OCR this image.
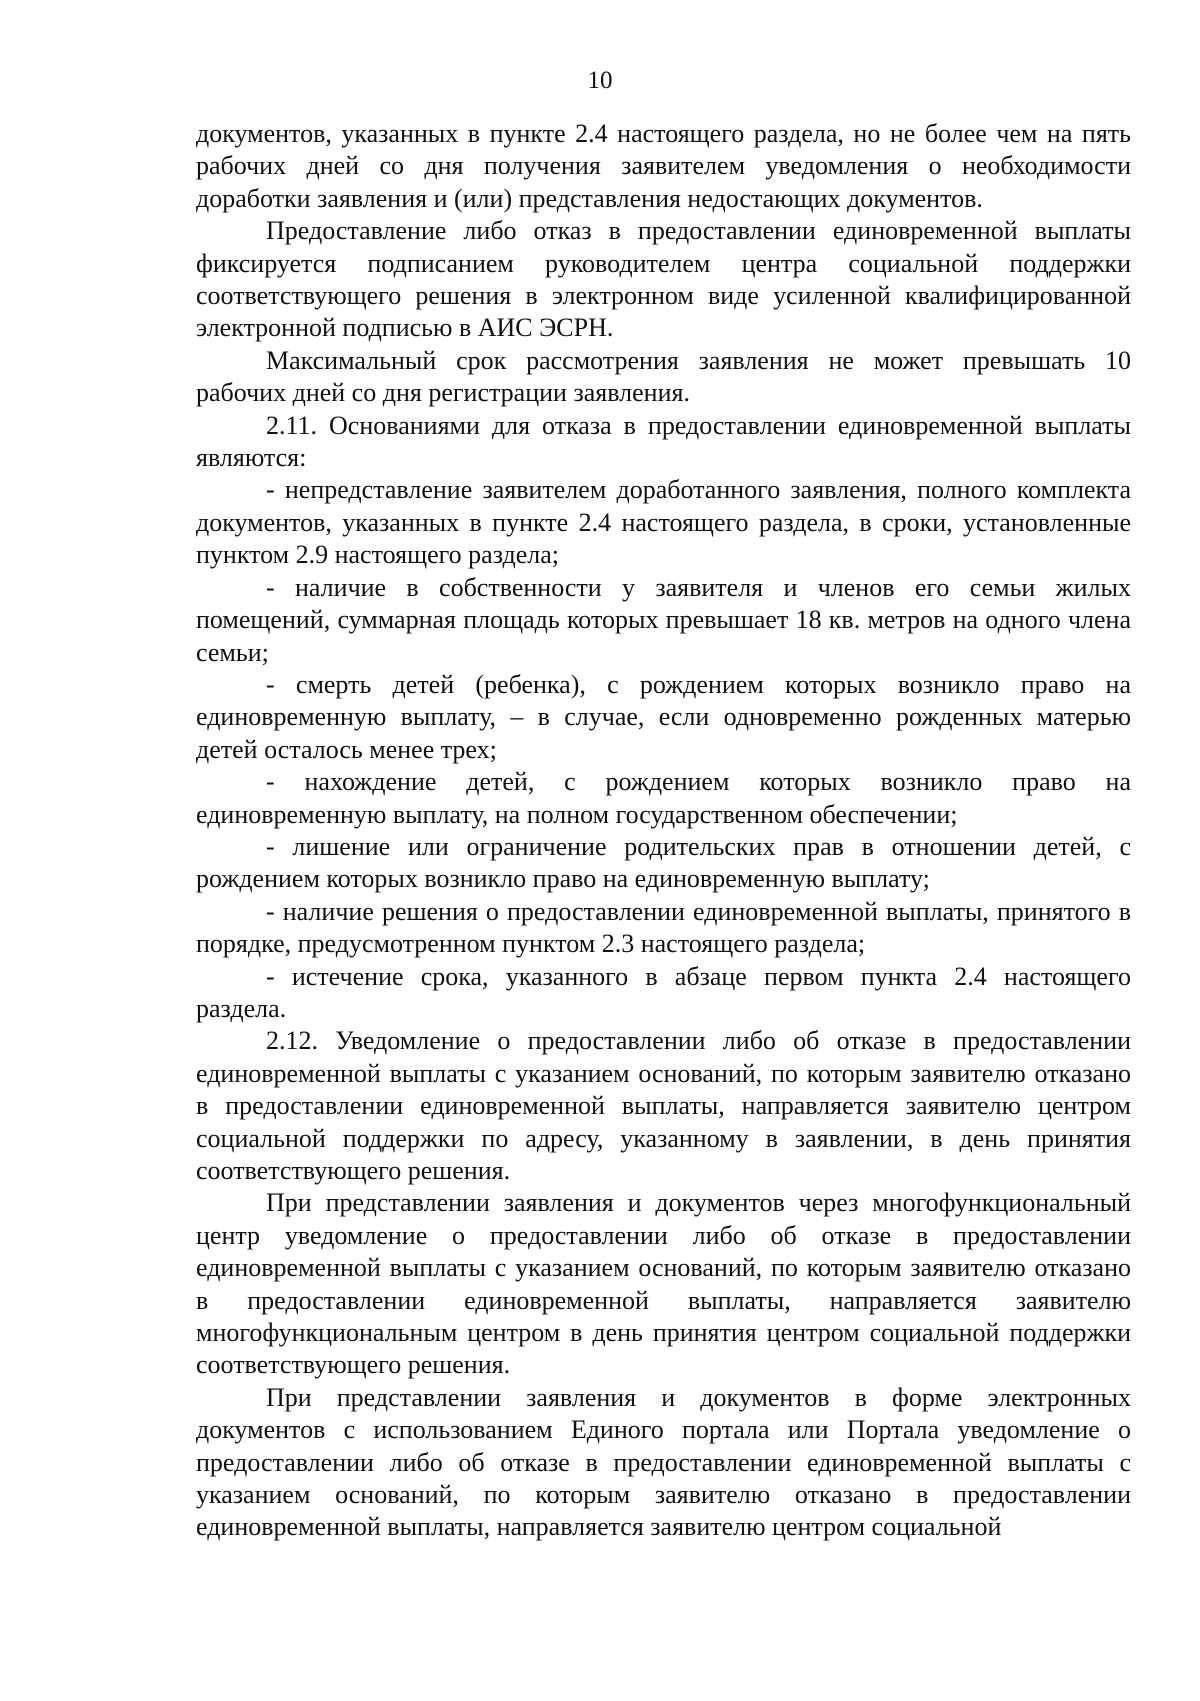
10

документов, указанных в пункте 2.4 настоящего раздела, но не более чем на пять рабочих дней со дня получения заявителем уведомления о необходимости доработки заявления и (или) представления недостающих документов.

Предоставление либо отказ в предоставлении единовременной выплаты фиксируется подписанием руководителем центра социальной поддержки соответствующего решения в электронном виде усиленной квалифицированной электронной подписью в АИС ЭСРН.

Максимальный срок рассмотрения заявления не может превышать 10 рабочих дней со дня регистрации заявления.

2.11. Основаниями для отказа в предоставлении единовременной выплаты являются:

- непредставление заявителем доработанного заявления, полного комплекта документов, указанных в пункте 2.4 настоящего раздела, в сроки, установленные пунктом 2.9 настоящего раздела;

- наличие в собственности у заявителя и членов его семьи жилых помещений, суммарная площадь которых превышает 18 кв. метров на одного члена семьи;

- смерть детей (ребенка), с рождением которых возникло право на единовременную выплату, – в случае, если одновременно рожденных матерью детей осталось менее трех;

- нахождение детей, с рождением которых возникло право на единовременную выплату, на полном государственном обеспечении;

- лишение или ограничение родительских прав в отношении детей, с рождением которых возникло право на единовременную выплату;

- наличие решения о предоставлении единовременной выплаты, принятого в порядке, предусмотренном пунктом 2.3 настоящего раздела;

- истечение срока, указанного в абзаце первом пункта 2.4 настоящего раздела.

2.12. Уведомление о предоставлении либо об отказе в предоставлении единовременной выплаты с указанием оснований, по которым заявителю отказано в предоставлении единовременной выплаты, направляется заявителю центром социальной поддержки по адресу, указанному в заявлении, в день принятия соответствующего решения.

При представлении заявления и документов через многофункциональный центр уведомление о предоставлении либо об отказе в предоставлении единовременной выплаты с указанием оснований, по которым заявителю отказано в предоставлении единовременной выплаты, направляется заявителю многофункциональным центром в день принятия центром социальной поддержки соответствующего решения.

При представлении заявления и документов в форме электронных документов с использованием Единого портала или Портала уведомление о предоставлении либо об отказе в предоставлении единовременной выплаты с указанием оснований, по которым заявителю отказано в предоставлении единовременной выплаты, направляется заявителю центром социальной
